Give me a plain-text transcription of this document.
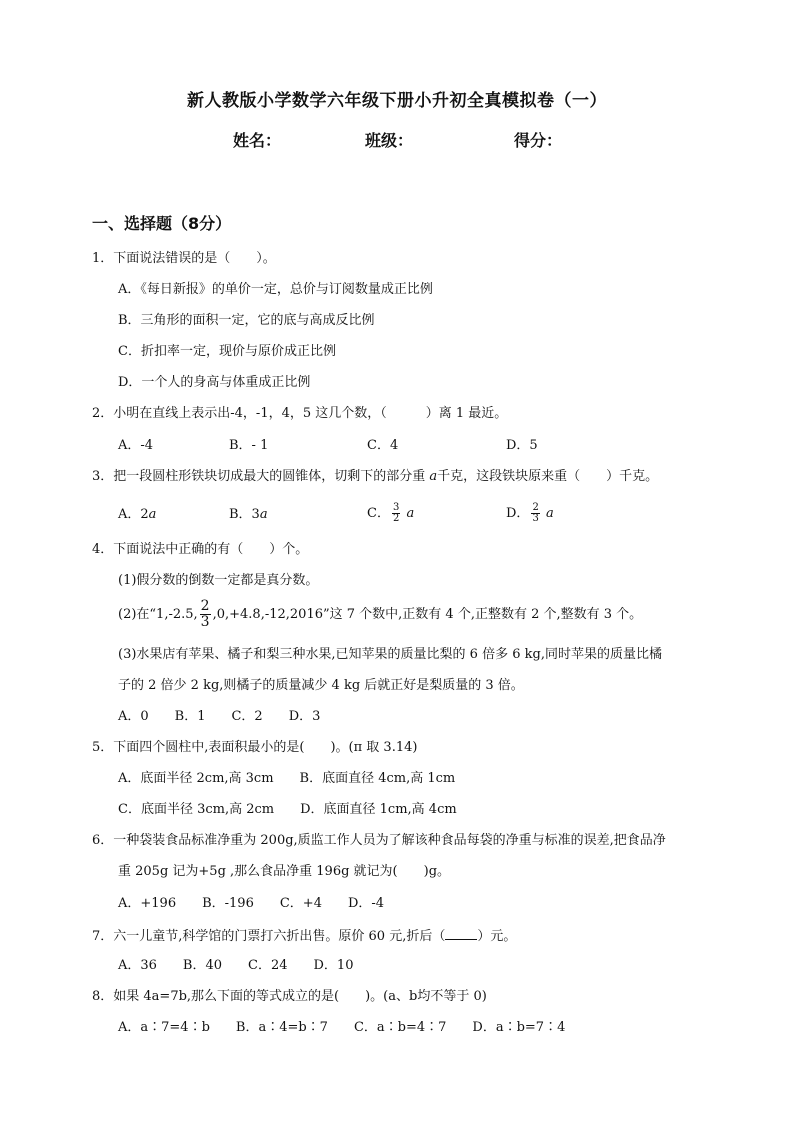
新人教版小学数学六年级下册小升初全真模拟卷（一）
姓名：	班级：	得分：
一、选择题（8分）
1．下面说法错误的是（　　）。
A．《每日新报》的单价一定，总价与订阅数量成正比例
B．三角形的面积一定，它的底与高成反比例
C．折扣率一定，现价与原价成正比例
D．一个人的身高与体重成正比例
2．小明在直线上表示出-4，-1，4，5 这几个数，（　　　）离 1 最近。
A．-4	B．- 1	C．4	D．5
3．把一段圆柱形铁块切成最大的圆锥体，切剩下的部分重 a千克，这段铁块原来重（　　）千克。
A．2a	B．3a	C． $\frac{3}{2}$ a	D． $\frac{2}{3}$ a
4．下面说法中正确的有（　　）个。
(1)假分数的倒数一定都是真分数。
(2)在“1,-2.5, $\frac{2}{3} ,0,+4.8,-12,2016$”这 7 个数中,正数有 4 个,正整数有 2 个,整数有 3 个。
(3)水果店有苹果、橘子和梨三种水果,已知苹果的质量比梨的 6 倍多 6 kg,同时苹果的质量比橘
子的 2 倍少 2 kg,则橘子的质量减少 4 kg 后就正好是梨质量的 3 倍。
A．0　　B．1　　C．2　　D．3
5．下面四个圆柱中,表面积最小的是(　　)。(π 取 3.14)
A．底面半径 2cm,高 3cm　　B．底面直径 4cm,高 1cm
C．底面半径 3cm,高 2cm　　D．底面直径 1cm,高 4cm
6．一种袋装食品标准净重为 200g,质监工作人员为了解该种食品每袋的净重与标准的误差,把食品净
重 205g 记为+5g ,那么食品净重 196g 就记为(　　)g。
A．+196　　B．-196　　C．+4　　D．-4
7．六一儿童节,科学馆的门票打六折出售。原价 60 元,折后（ ）元。
A．36　　B．40　　C．24　　D．10
8．如果 4a=7b,那么下面的等式成立的是(　　)。(a、b均不等于 0)
A．a∶7=4∶b　　B．a∶4=b∶7　　C．a∶b=4∶7　　D．a∶b=7∶4
